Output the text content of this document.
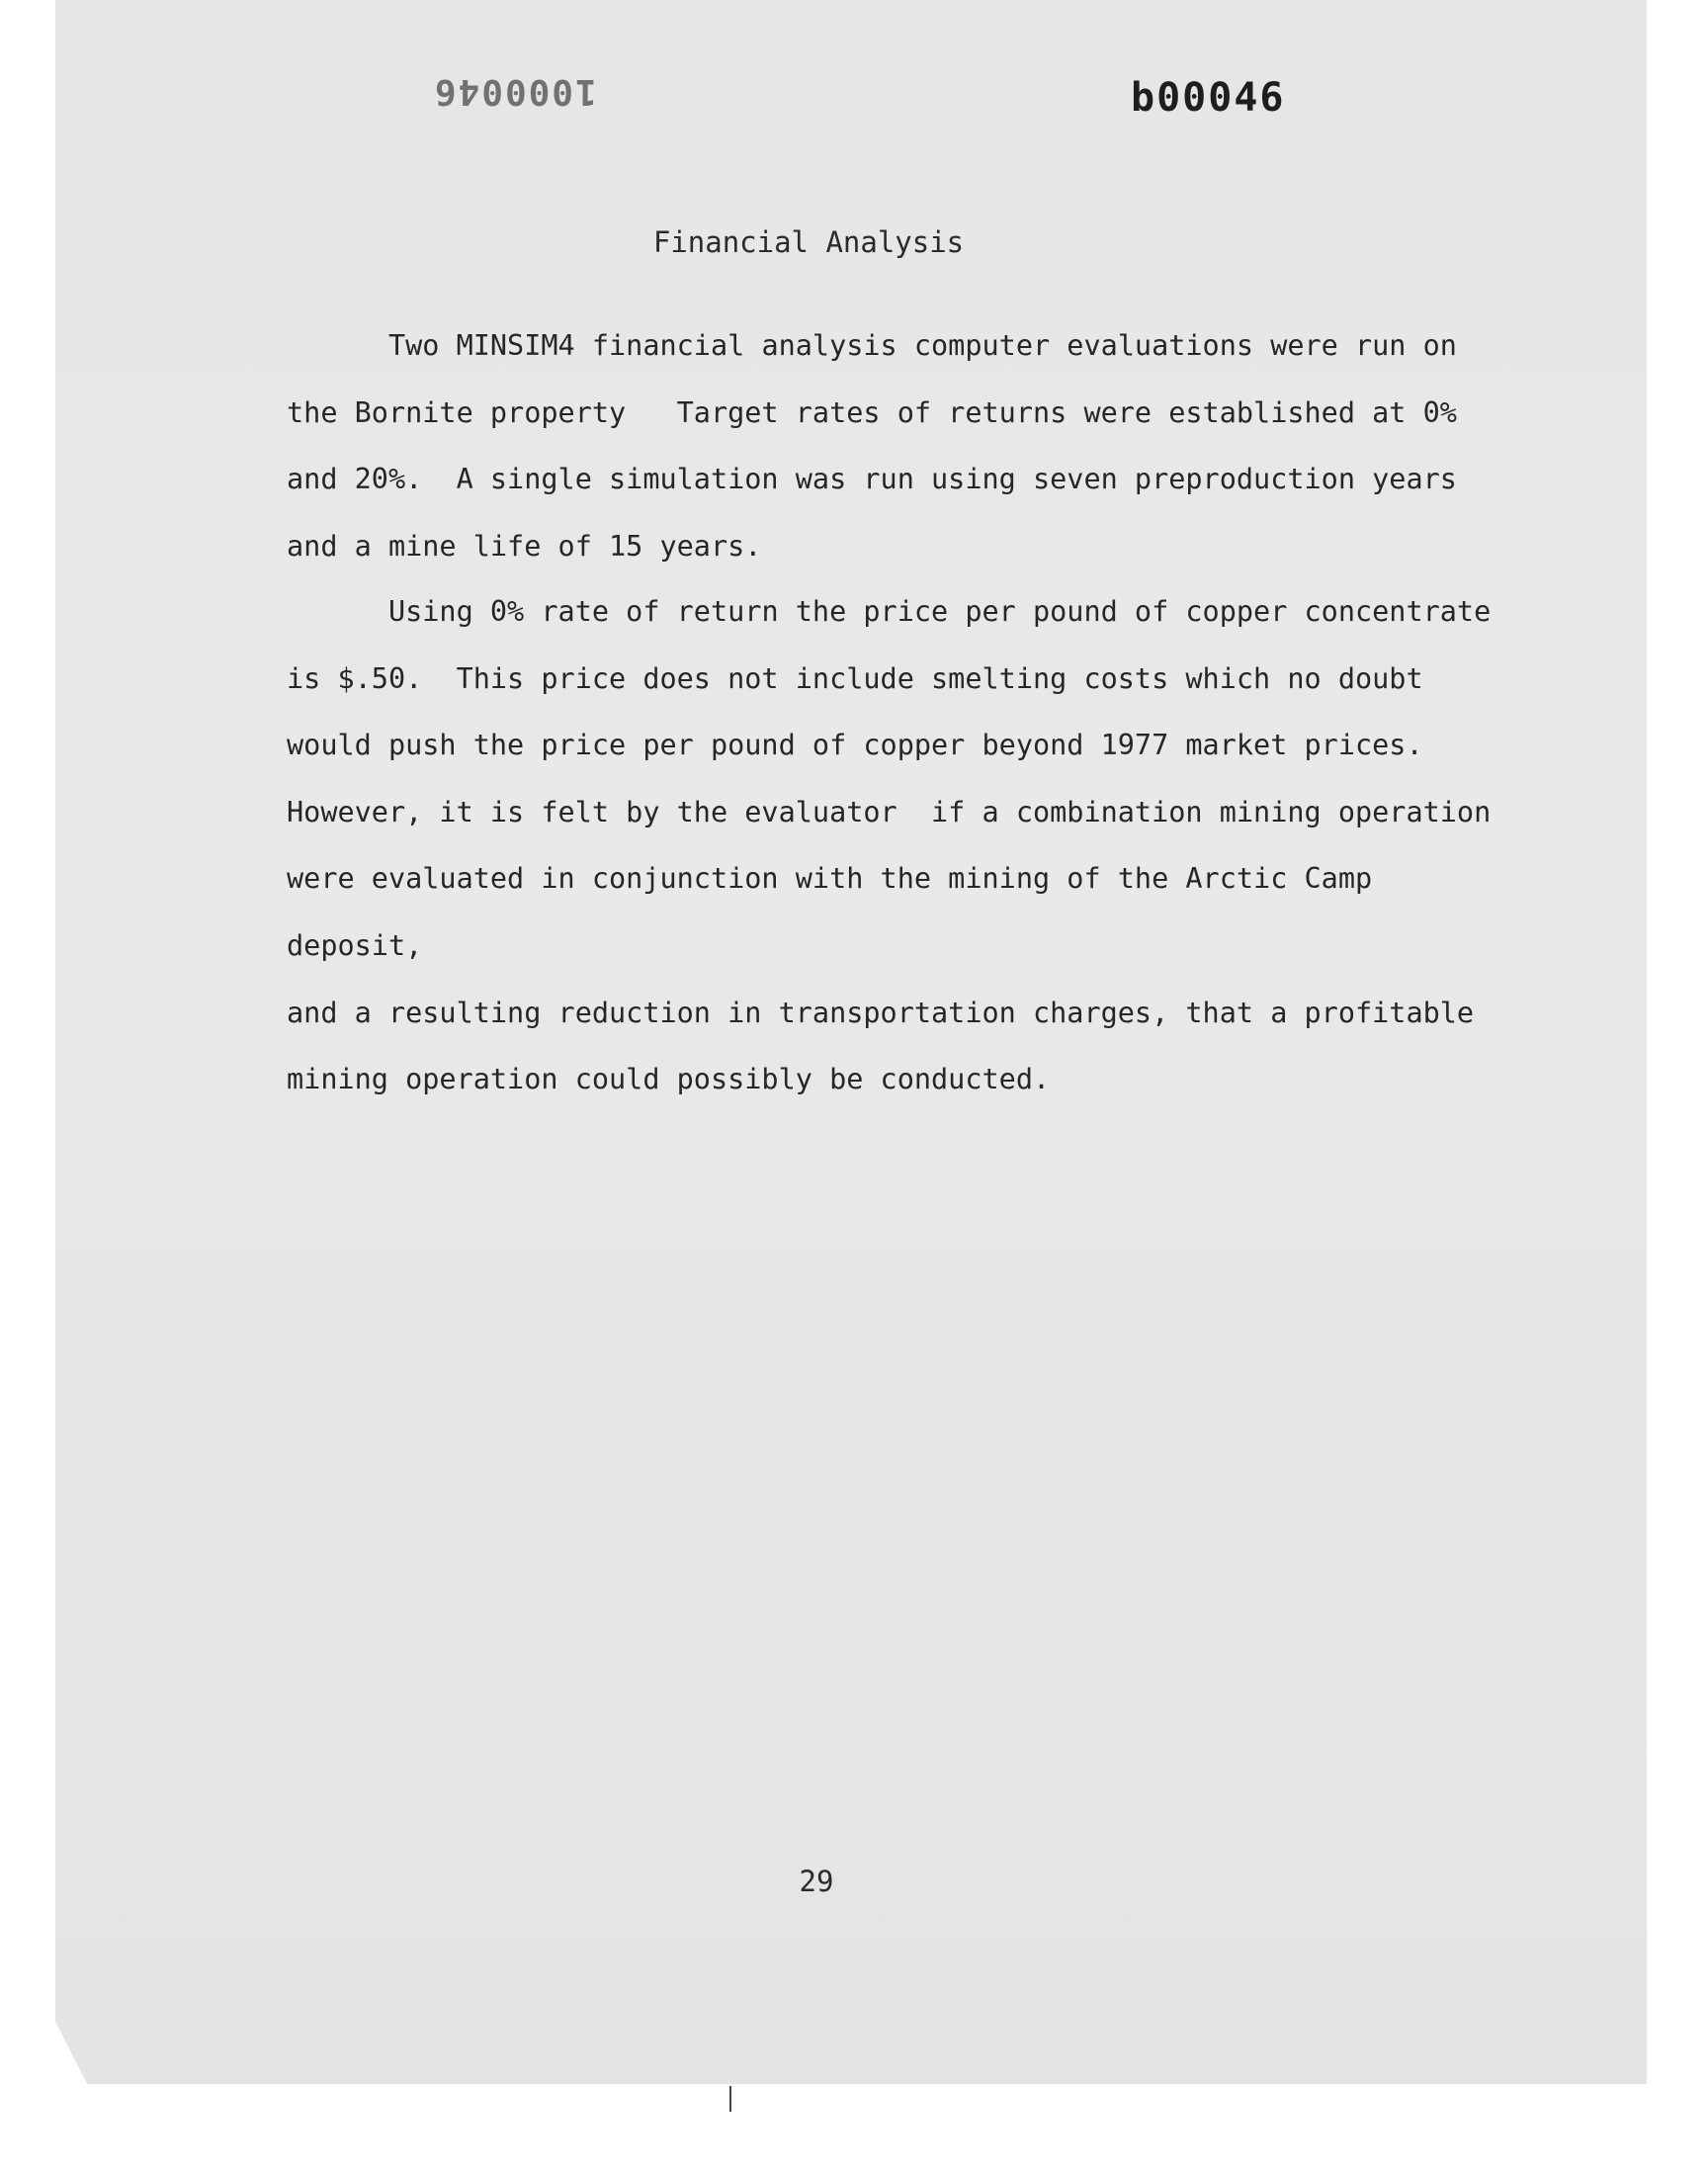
1000046	b00046
Financial Analysis

Two MINSIM4 financial analysis computer evaluations were run on
the Bornite property   Target rates of returns were established at 0%
and 20%.  A single simulation was run using seven preproduction years
and a mine life of 15 years.

Using 0% rate of return the price per pound of copper concentrate
is $.50.  This price does not include smelting costs which no doubt
would push the price per pound of copper beyond 1977 market prices.
However, it is felt by the evaluator  if a combination mining operation
were evaluated in conjunction with the mining of the Arctic Camp deposit,
and a resulting reduction in transportation charges, that a profitable
mining operation could possibly be conducted.

29
